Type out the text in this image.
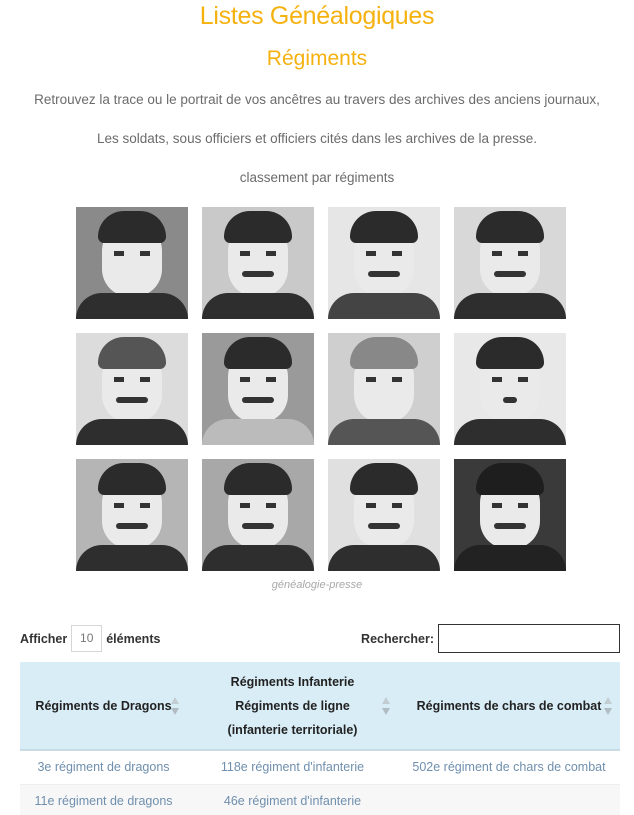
Listes Généalogiques
Régiments

Retrouvez la trace ou le portrait de vos ancêtres au travers des archives des anciens journaux,

Les soldats, sous officiers et officiers cités dans les archives de la presse.

classement par régiments

généalogie-presse
Afficher	10	éléments	Rechercher:
Régiments de Dragons	Régiments Infanterie
Régiments de ligne
(infanterie territoriale)	Régiments de chars de combat

3e régiment de dragons	118e régiment d'infanterie	502e régiment de chars de combat
11e régiment de dragons	46e régiment d'infanterie	
